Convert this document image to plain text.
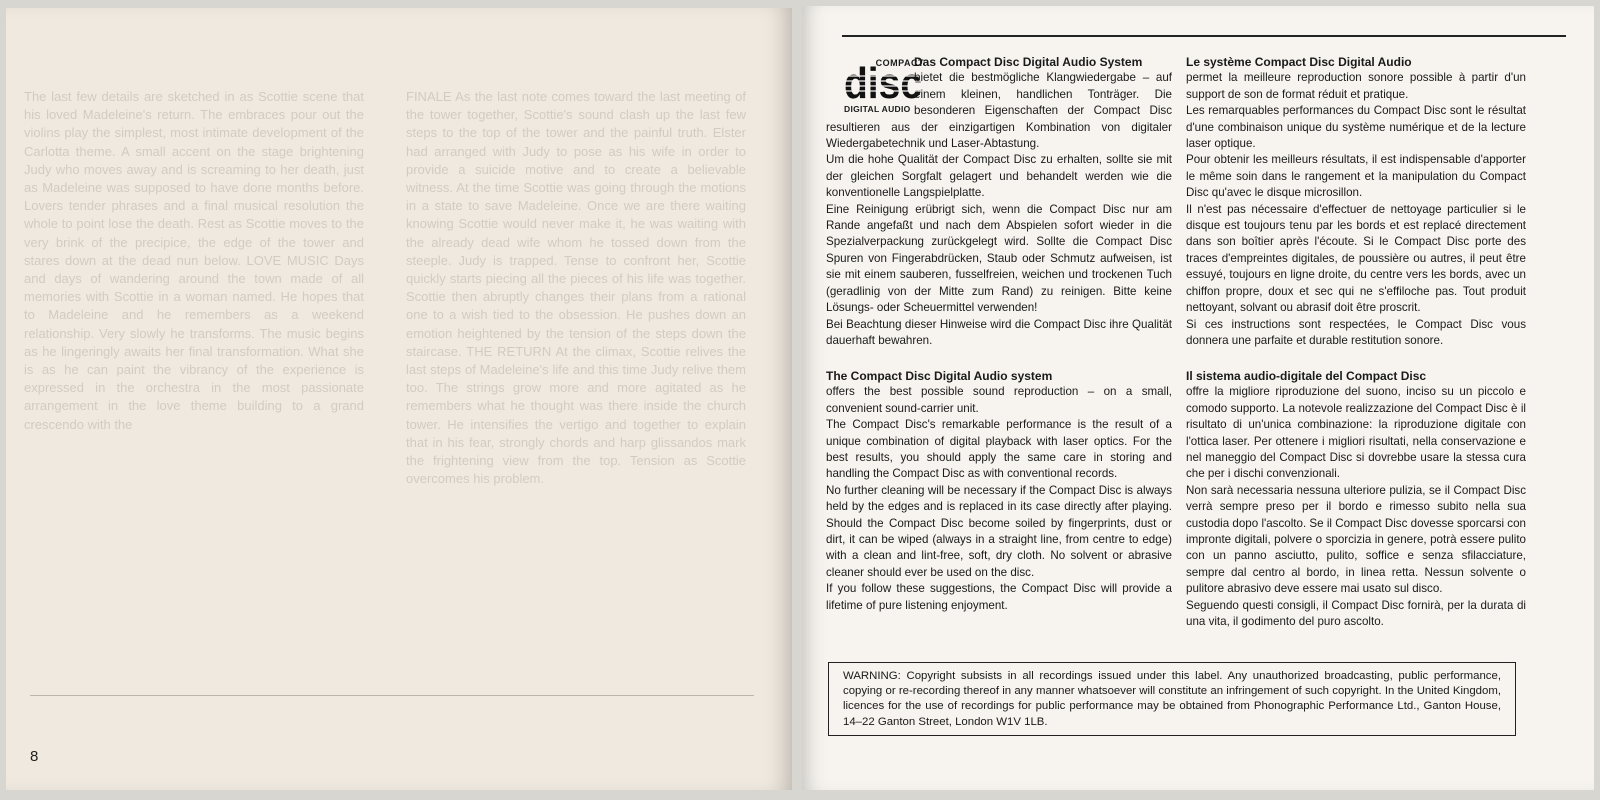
The last few details are sketched in as Scottie scene that his loved Madeleine's return. The embraces pour out the violins play the simplest, most intimate development of the Carlotta theme. A small accent on the stage brightening Judy who moves away and is screaming to her death, just as Madeleine was supposed to have done months before. Lovers tender phrases and a final musical resolution the whole to point lose the death. Rest as Scottie moves to the very brink of the precipice, the edge of the tower and stares down at the dead nun below. LOVE MUSIC Days and days of wandering around the town made of all memories with Scottie in a woman named. He hopes that to Madeleine and he remembers as a weekend relationship. Very slowly he transforms. The music begins as he lingeringly awaits her final transformation. What she is as he can paint the vibrancy of the experience is expressed in the orchestra in the most passionate arrangement in the love theme building to a grand crescendo with the
FINALE As the last note comes toward the last meeting of the tower together, Scottie's sound clash up the last few steps to the top of the tower and the painful truth. Elster had arranged with Judy to pose as his wife in order to provide a suicide motive and to create a believable witness. At the time Scottie was going through the motions in a state to save Madeleine. Once we are there waiting knowing Scottie would never make it, he was waiting with the already dead wife whom he tossed down from the steeple. Judy is trapped. Tense to confront her, Scottie quickly starts piecing all the pieces of his life was together. Scottie then abruptly changes their plans from a rational one to a wish tied to the obsession. He pushes down an emotion heightened by the tension of the steps down the staircase. THE RETURN At the climax, Scottie relives the last steps of Madeleine's life and this time Judy relive them too. The strings grow more and more agitated as he remembers what he thought was there inside the church tower. He intensifies the vertigo and together to explain that in his fear, strongly chords and harp glissandos mark the frightening view from the top. Tension as Scottie overcomes his problem.
8
COMPACT
disc
DIGITAL AUDIO
Das Compact Disc Digital Audio System

bietet die bestmögliche Klangwiedergabe – auf einem kleinen, handlichen Tonträger. Die besonderen Eigenschaften der Compact Disc resultieren aus der einzigartigen Kombination von digitaler Wiedergabetechnik und Laser-Abtastung.

Um die hohe Qualität der Compact Disc zu erhalten, sollte sie mit der gleichen Sorgfalt gelagert und behandelt werden wie die konventionelle Langspielplatte.

Eine Reinigung erübrigt sich, wenn die Compact Disc nur am Rande angefaßt und nach dem Abspielen sofort wieder in die Spezialverpackung zurückgelegt wird. Sollte die Compact Disc Spuren von Fingerabdrücken, Staub oder Schmutz aufweisen, ist sie mit einem sauberen, fusselfreien, weichen und trockenen Tuch (geradlinig von der Mitte zum Rand) zu reinigen. Bitte keine Lösungs- oder Scheuermittel verwenden!

Bei Beachtung dieser Hinweise wird die Compact Disc ihre Qualität dauerhaft bewahren.

Le système Compact Disc Digital Audio

permet la meilleure reproduction sonore possible à partir d'un support de son de format réduit et pratique.

Les remarquables performances du Compact Disc sont le résultat d'une combinaison unique du système numérique et de la lecture laser optique.

Pour obtenir les meilleurs résultats, il est indispensable d'apporter le même soin dans le rangement et la manipulation du Compact Disc qu'avec le disque microsillon.

Il n'est pas nécessaire d'effectuer de nettoyage particulier si le disque est toujours tenu par les bords et est replacé directement dans son boîtier après l'écoute. Si le Compact Disc porte des traces d'empreintes digitales, de poussière ou autres, il peut être essuyé, toujours en ligne droite, du centre vers les bords, avec un chiffon propre, doux et sec qui ne s'effiloche pas. Tout produit nettoyant, solvant ou abrasif doit être proscrit.

Si ces instructions sont respectées, le Compact Disc vous donnera une parfaite et durable restitution sonore.

The Compact Disc Digital Audio system

offers the best possible sound reproduction – on a small, convenient sound-carrier unit.

The Compact Disc's remarkable performance is the result of a unique combination of digital playback with laser optics. For the best results, you should apply the same care in storing and handling the Compact Disc as with conventional records.

No further cleaning will be necessary if the Compact Disc is always held by the edges and is replaced in its case directly after playing. Should the Compact Disc become soiled by fingerprints, dust or dirt, it can be wiped (always in a straight line, from centre to edge) with a clean and lint-free, soft, dry cloth. No solvent or abrasive cleaner should ever be used on the disc.

If you follow these suggestions, the Compact Disc will provide a lifetime of pure listening enjoyment.

Il sistema audio-digitale del Compact Disc

offre la migliore riproduzione del suono, inciso su un piccolo e comodo supporto. La notevole realizzazione del Compact Disc è il risultato di un'unica combinazione: la riproduzione digitale con l'ottica laser. Per ottenere i migliori risultati, nella conservazione e nel maneggio del Compact Disc si dovrebbe usare la stessa cura che per i dischi convenzionali.

Non sarà necessaria nessuna ulteriore pulizia, se il Compact Disc verrà sempre preso per il bordo e rimesso subito nella sua custodia dopo l'ascolto. Se il Compact Disc dovesse sporcarsi con impronte digitali, polvere o sporcizia in genere, potrà essere pulito con un panno asciutto, pulito, soffice e senza sfilacciature, sempre dal centro al bordo, in linea retta. Nessun solvente o pulitore abrasivo deve essere mai usato sul disco.

Seguendo questi consigli, il Compact Disc fornirà, per la durata di una vita, il godimento del puro ascolto.

WARNING: Copyright subsists in all recordings issued under this label. Any unauthorized broadcasting, public performance, copying or re-recording thereof in any manner whatsoever will constitute an infringement of such copyright. In the United Kingdom, licences for the use of recordings for public performance may be obtained from Phonographic Performance Ltd., Ganton House, 14–22 Ganton Street, London W1V 1LB.
